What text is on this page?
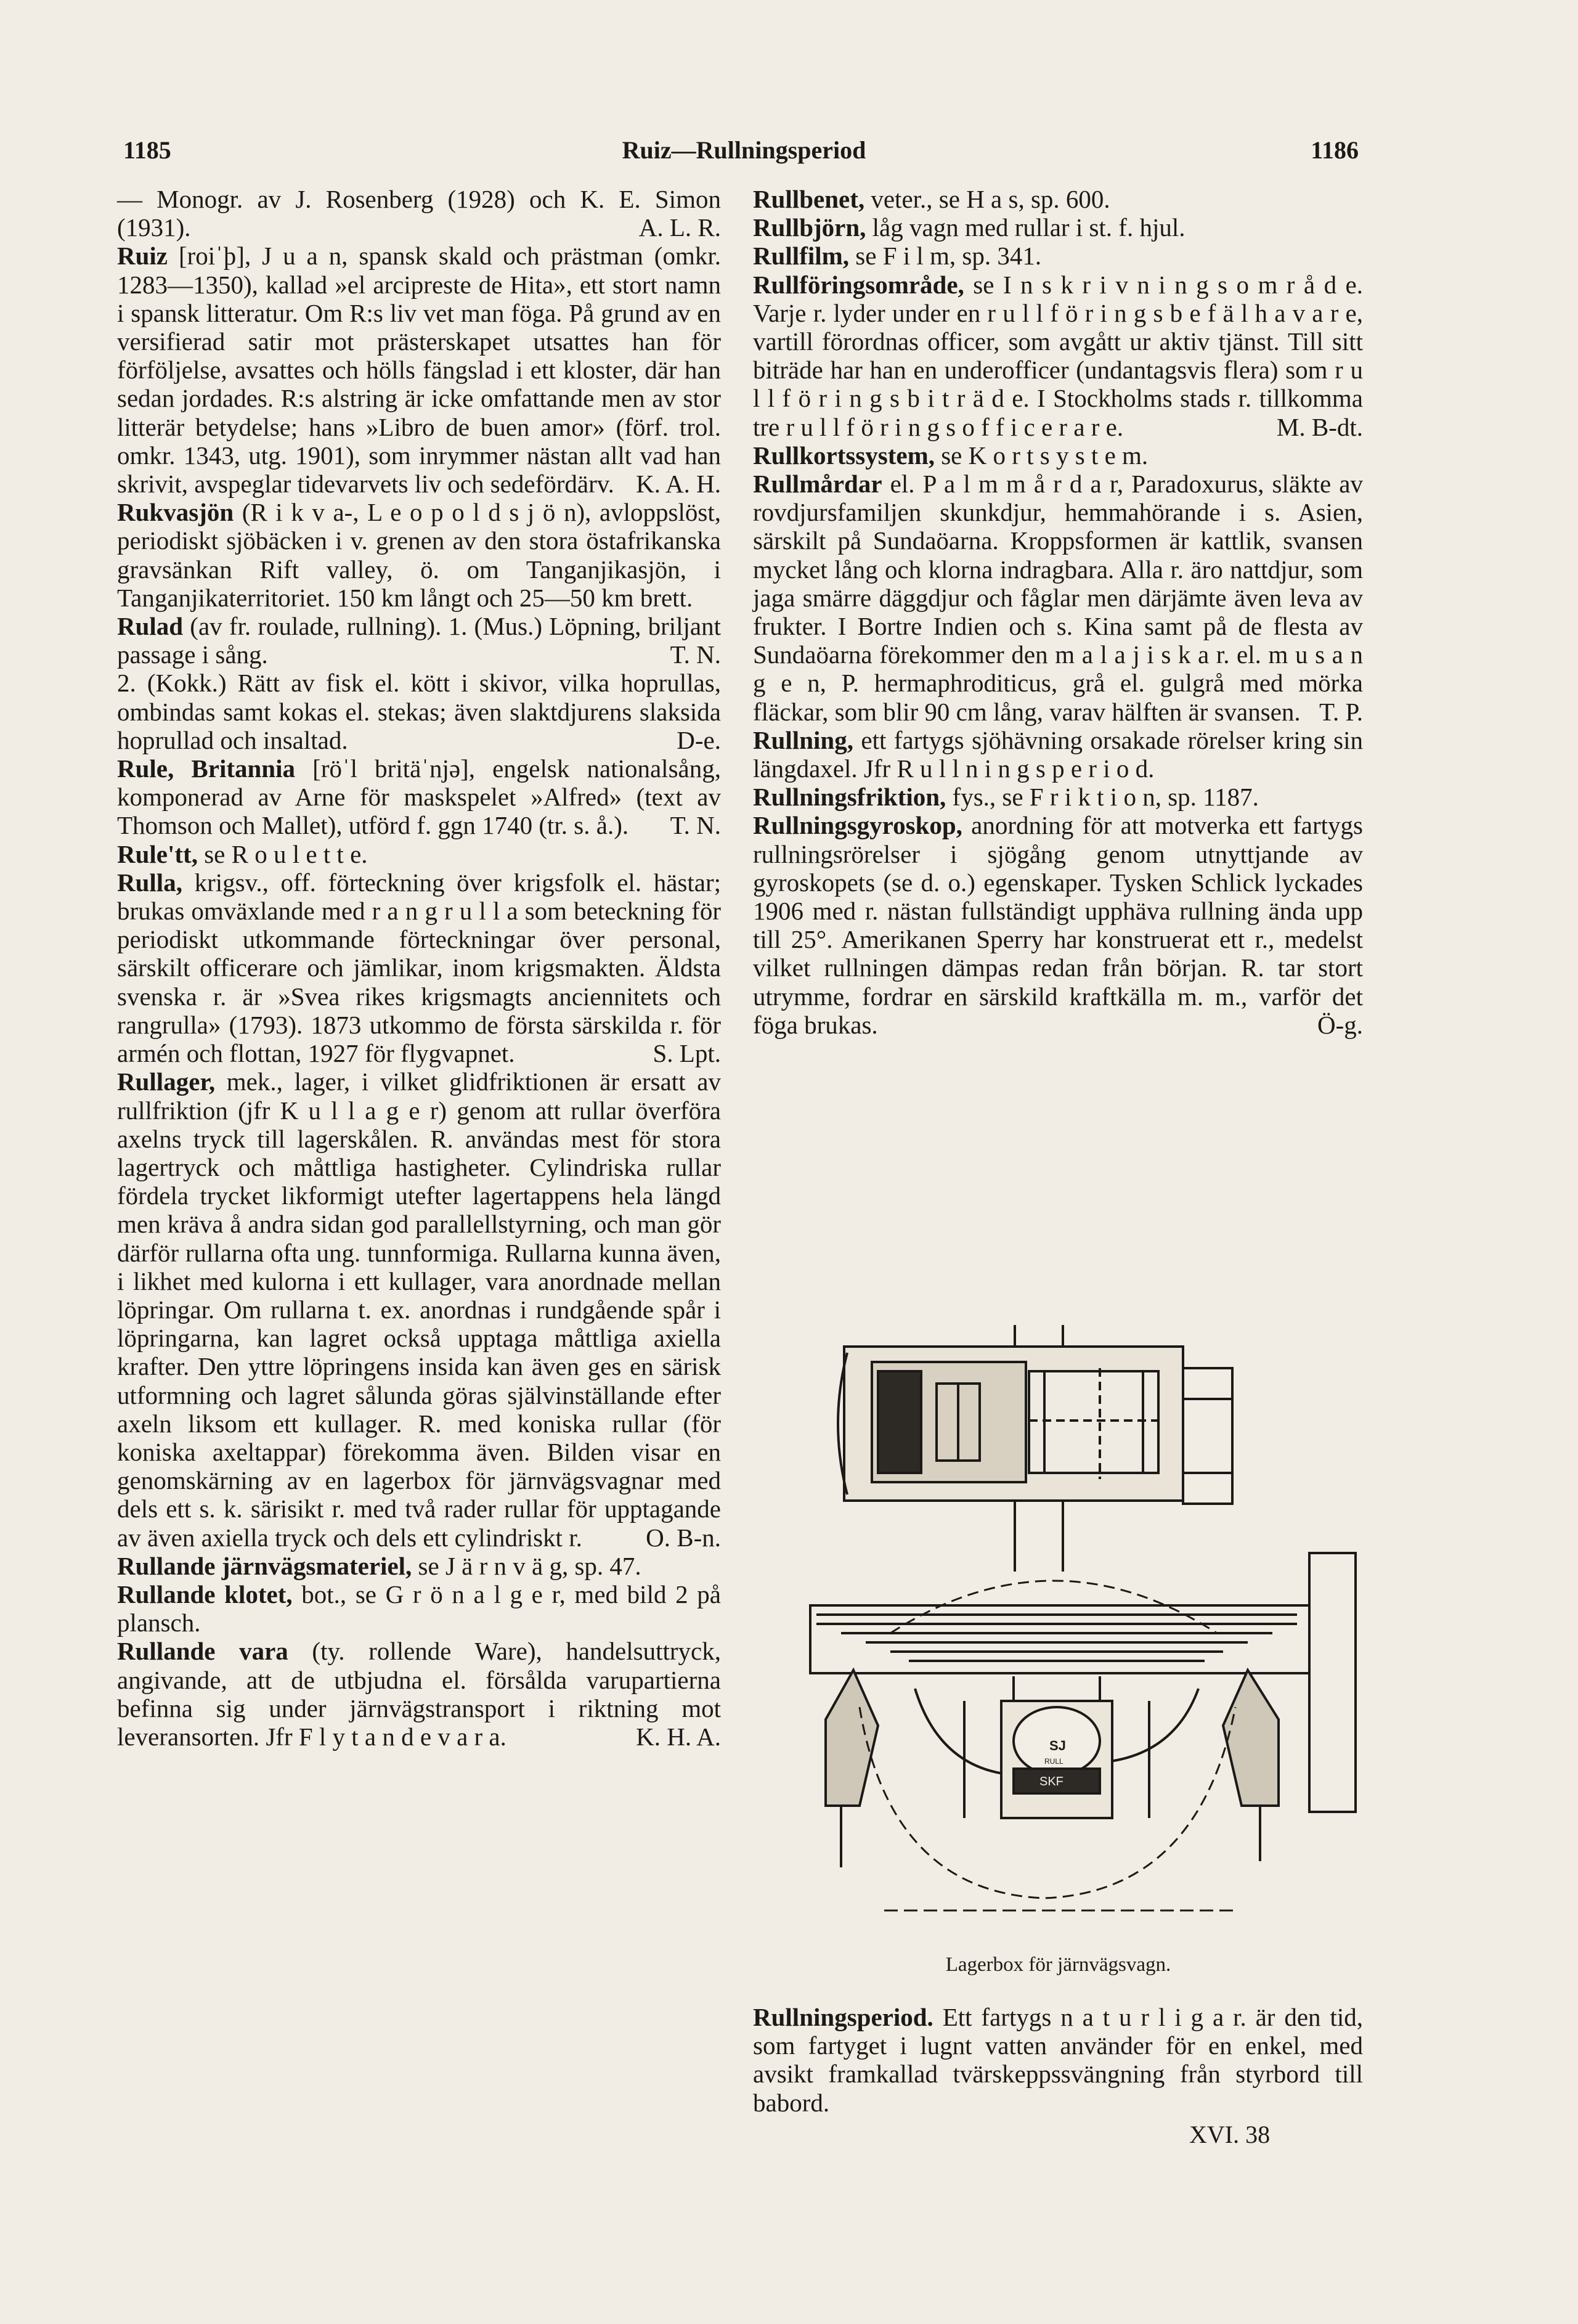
1185	Ruiz—Rullningsperiod	1186

— Monogr. av J. Rosenberg (1928) och K. E. Simon (1931).	A. L. R.

Ruiz [roiˈþ], J u a n, spansk skald och prästman (omkr. 1283—1350), kallad »el arcipreste de Hita», ett stort namn i spansk litteratur. Om R:s liv vet man föga. På grund av en versifierad satir mot prästerskapet utsattes han för förföljelse, avsattes och hölls fängslad i ett kloster, där han sedan jordades. R:s alstring är icke omfattande men av stor litterär betydelse; hans »Libro de buen amor» (förf. trol. omkr. 1343, utg. 1901), som inrymmer nästan allt vad han skrivit, avspeglar tidevarvets liv och sedefördärv. K. A. H.

Rukvasjön (R i k v a-, L e o p o l d s j ö n), avloppslöst, periodiskt sjöbäcken i v. grenen av den stora östafrikanska gravsänkan Rift valley, ö. om Tanganjikasjön, i Tanganjikaterritoriet. 150 km långt och 25—50 km brett.

Rulad (av fr. roulade, rullning). 1. (Mus.) Löpning, briljant passage i sång.	T. N.

2. (Kokk.) Rätt av fisk el. kött i skivor, vilka hoprullas, ombindas samt kokas el. stekas; även slaktdjurens slaksida hoprullad och insaltad.	D-e.

Rule, Britannia [röˈl britäˈnjə], engelsk nationalsång, komponerad av Arne för maskspelet »Alfred» (text av Thomson och Mallet), utförd f. ggn 1740 (tr. s. å.). T. N.

Rule'tt, se R o u l e t t e.

Rulla, krigsv., off. förteckning över krigsfolk el. hästar; brukas omväxlande med r a n g r u l l a som beteckning för periodiskt utkommande förteckningar över personal, särskilt officerare och jämlikar, inom krigsmakten. Äldsta svenska r. är »Svea rikes krigsmagts anciennitets och rangrulla» (1793). 1873 utkommo de första särskilda r. för armén och flottan, 1927 för flygvapnet.	S. Lpt.

Rullager, mek., lager, i vilket glidfriktionen är ersatt av rullfriktion (jfr K u l l a g e r) genom att rullar överföra axelns tryck till lagerskålen. R. användas mest för stora lagertryck och måttliga hastigheter. Cylindriska rullar fördela trycket likformigt utefter lagertappens hela längd men kräva å andra sidan god parallellstyrning, och man gör därför rullarna ofta ung. tunnformiga. Rullarna kunna även, i likhet med kulorna i ett kullager, vara anordnade mellan löpringar. Om rullarna t. ex. anordnas i rundgående spår i löpringarna, kan lagret också upptaga måttliga axiella krafter. Den yttre löpringens insida kan även ges en särisk utformning och lagret sålunda göras självinställande efter axeln liksom ett kullager. R. med koniska rullar (för koniska axeltappar) förekomma även. Bilden visar en genomskärning av en lagerbox för järnvägsvagnar med dels ett s. k. särisikt r. med två rader rullar för upptagande av även axiella tryck och dels ett cylindriskt r.	O. B-n.

Rullande järnvägsmateriel, se J ä r n v ä g, sp. 47.

Rullande klotet, bot., se G r ö n a l g e r, med bild 2 på plansch.

Rullande vara (ty. rollende Ware), handelsuttryck, angivande, att de utbjudna el. försålda varupartierna befinna sig under järnvägstransport i riktning mot leveransorten. Jfr F l y t a n d e v a r a.	K. H. A.

Rullbenet, veter., se H a s, sp. 600.

Rullbjörn, låg vagn med rullar i st. f. hjul.

Rullfilm, se F i l m, sp. 341.

Rullföringsområde, se I n s k r i v n i n g s o m r å d e. Varje r. lyder under en r u l l f ö r i n g s b e f ä l h a v a r e, vartill förordnas officer, som avgått ur aktiv tjänst. Till sitt biträde har han en underofficer (undantagsvis flera) som r u l l f ö r i n g s b i t r ä d e. I Stockholms stads r. tillkomma tre r u l l f ö r i n g s o f f i c e r a r e.	M. B-dt.

Rullkortssystem, se K o r t s y s t e m.

Rullmårdar el. P a l m m å r d a r, Paradoxurus, släkte av rovdjursfamiljen skunkdjur, hemmahörande i s. Asien, särskilt på Sundaöarna. Kroppsformen är kattlik, svansen mycket lång och klorna indragbara. Alla r. äro nattdjur, som jaga smärre däggdjur och fåglar men därjämte även leva av frukter. I Bortre Indien och s. Kina samt på de flesta av Sundaöarna förekommer den m a l a j i s k a r. el. m u s a n g e n, P. hermaphroditicus, grå el. gulgrå med mörka fläckar, som blir 90 cm lång, varav hälften är svansen. T. P.

Rullning, ett fartygs sjöhävning orsakade rörelser kring sin längdaxel. Jfr R u l l n i n g s p e r i o d.

Rullningsfriktion, fys., se F r i k t i o n, sp. 1187.

Rullningsgyroskop, anordning för att motverka ett fartygs rullningsrörelser i sjögång genom utnyttjande av gyroskopets (se d. o.) egenskaper. Tysken Schlick lyckades 1906 med r. nästan fullständigt upphäva rullning ända upp till 25°. Amerikanen Sperry har konstruerat ett r., medelst vilket rullningen dämpas redan från början. R. tar stort utrymme, fordrar en särskild kraftkälla m. m., varför det föga brukas.	Ö-g.

SJ
RULL
SKF
Lagerbox för järnvägsvagn.
Rullningsperiod. Ett fartygs n a t u r l i g a r. är den tid, som fartyget i lugnt vatten använder för en enkel, med avsikt framkallad tvärskeppssvängning från styrbord till babord.
XVI. 38
